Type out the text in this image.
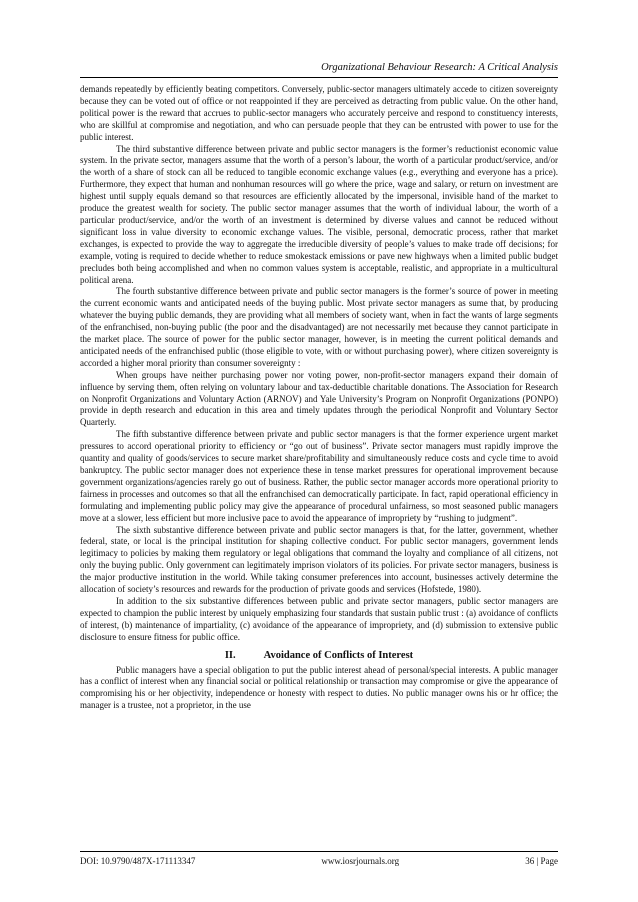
Organizational Behaviour Research: A Critical Analysis

demands repeatedly by efficiently beating competitors. Conversely, public-sector managers ultimately accede to citizen sovereignty because they can be voted out of office or not reappointed if they are perceived as detracting from public value. On the other hand, political power is the reward that accrues to public-sector managers who accurately perceive and respond to constituency interests, who are skillful at compromise and negotiation, and who can persuade people that they can be entrusted with power to use for the public interest.

The third substantive difference between private and public sector managers is the former’s reductionist economic value system. In the private sector, managers assume that the worth of a person’s labour, the worth of a particular product/service, and/or the worth of a share of stock can all be reduced to tangible economic exchange values (e.g., everything and everyone has a price). Furthermore, they expect that human and nonhuman resources will go where the price, wage and salary, or return on investment are highest until supply equals demand so that resources are efficiently allocated by the impersonal, invisible hand of the market to produce the greatest wealth for society. The public sector manager assumes that the worth of individual labour, the worth of a particular product/service, and/or the worth of an investment is determined by diverse values and cannot be reduced without significant loss in value diversity to economic exchange values. The visible, personal, democratic process, rather that market exchanges, is expected to provide the way to aggregate the irreducible diversity of people’s values to make trade off decisions; for example, voting is required to decide whether to reduce smokestack emissions or pave new highways when a limited public budget precludes both being accomplished and when no common values system is acceptable, realistic, and appropriate in a multicultural political arena.

The fourth substantive difference between private and public sector managers is the former’s source of power in meeting the current economic wants and anticipated needs of the buying public. Most private sector managers as sume that, by producing whatever the buying public demands, they are providing what all members of society want, when in fact the wants of large segments of the enfranchised, non-buying public (the poor and the disadvantaged) are not necessarily met because they cannot participate in the market place. The source of power for the public sector manager, however, is in meeting the current political demands and anticipated needs of the enfranchised public (those eligible to vote, with or without purchasing power), where citizen sovereignty is accorded a higher moral priority than consumer sovereignty :

When groups have neither purchasing power nor voting power, non-profit-sector managers expand their domain of influence by serving them, often relying on voluntary labour and tax-deductible charitable donations. The Association for Research on Nonprofit Organizations and Voluntary Action (ARNOV) and Yale University’s Program on Nonprofit Organizations (PONPO) provide in depth research and education in this area and timely updates through the periodical Nonprofit and Voluntary Sector Quarterly.

The fifth substantive difference between private and public sector managers is that the former experience urgent market pressures to accord operational priority to efficiency or “go out of business”. Private sector managers must rapidly improve the quantity and quality of goods/services to secure market share/profitability and simultaneously reduce costs and cycle time to avoid bankruptcy. The public sector manager does not experience these in tense market pressures for operational improvement because government organizations/agencies rarely go out of business. Rather, the public sector manager accords more operational priority to fairness in processes and outcomes so that all the enfranchised can democratically participate. In fact, rapid operational efficiency in formulating and implementing public policy may give the appearance of procedural unfairness, so most seasoned public managers move at a slower, less efficient but more inclusive pace to avoid the appearance of impropriety by “rushing to judgment”.

The sixth substantive difference between private and public sector managers is that, for the latter, government, whether federal, state, or local is the principal institution for shaping collective conduct. For public sector managers, government lends legitimacy to policies by making them regulatory or legal obligations that command the loyalty and compliance of all citizens, not only the buying public. Only government can legitimately imprison violators of its policies. For private sector managers, business is the major productive institution in the world. While taking consumer preferences into account, businesses actively determine the allocation of society’s resources and rewards for the production of private goods and services (Hofstede, 1980).

In addition to the six substantive differences between public and private sector managers, public sector managers are expected to champion the public interest by uniquely emphasizing four standards that sustain public trust : (a) avoidance of conflicts of interest, (b) maintenance of impartiality, (c) avoidance of the appearance of impropriety, and (d) submission to extensive public disclosure to ensure fitness for public office.

II.	Avoidance of Conflicts of Interest

Public managers have a special obligation to put the public interest ahead of personal/special interests. A public manager has a conflict of interest when any financial social or political relationship or transaction may compromise or give the appearance of compromising his or her objectivity, independence or honesty with respect to duties. No public manager owns his or hr office; the manager is a trustee, not a proprietor, in the use

DOI: 10.9790/487X-171113347	www.iosrjournals.org	36 | Page
